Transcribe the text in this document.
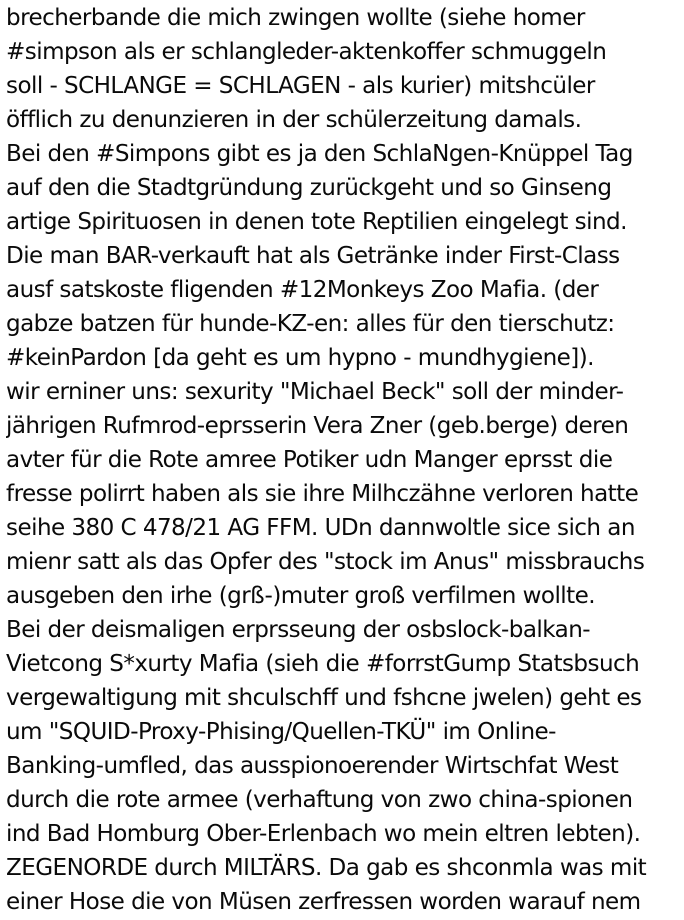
brecherbande die mich zwingen wollte (siehe homer
#simpson als er schlangleder-aktenkoffer schmuggeln
soll - SCHLANGE = SCHLAGEN - als kurier) mitshcüler
öfflich zu denunzieren in der schülerzeitung damals.
Bei den #Simpons gibt es ja den SchlaNgen-Knüppel Tag
auf den die Stadtgründung zurückgeht und so Ginseng
artige Spirituosen in denen tote Reptilien eingelegt sind.
Die man BAR-verkauft hat als Getränke inder First-Class
ausf satskoste fligenden #12Monkeys Zoo Mafia. (der
gabze batzen für hunde-KZ-en: alles für den tierschutz:
#keinPardon [da geht es um hypno - mundhygiene]).
wir erniner uns: sexurity "Michael Beck" soll der minder-
jährigen Rufmrod-eprsserin Vera Zner (geb.berge) deren
avter für die Rote amree Potiker udn Manger eprsst die
fresse polirrt haben als sie ihre Milhczähne verloren hatte
seihe 380 C 478/21 AG FFM. UDn dannwoltle sice sich an
mienr satt als das Opfer des "stock im Anus" missbrauchs
ausgeben den irhe (grß-)muter groß verfilmen wollte.
Bei der deismaligen erprsseung der osbslock-balkan-
Vietcong S*xurty Mafia (sieh die #forrstGump Statsbsuch
vergewaltigung mit shculschff und fshcne jwelen) geht es
um "SQUID-Proxy-Phising/Quellen-TKÜ" im Online-
Banking-umfled, das ausspionoerender Wirtschfat West
durch die rote armee (verhaftung von zwo china-spionen
ind Bad Homburg Ober-Erlenbach wo mein eltren lebten).
ZEGENORDE durch MILTÄRS. Da gab es shconmla was mit
einer Hose die von Müsen zerfressen worden warauf nem
